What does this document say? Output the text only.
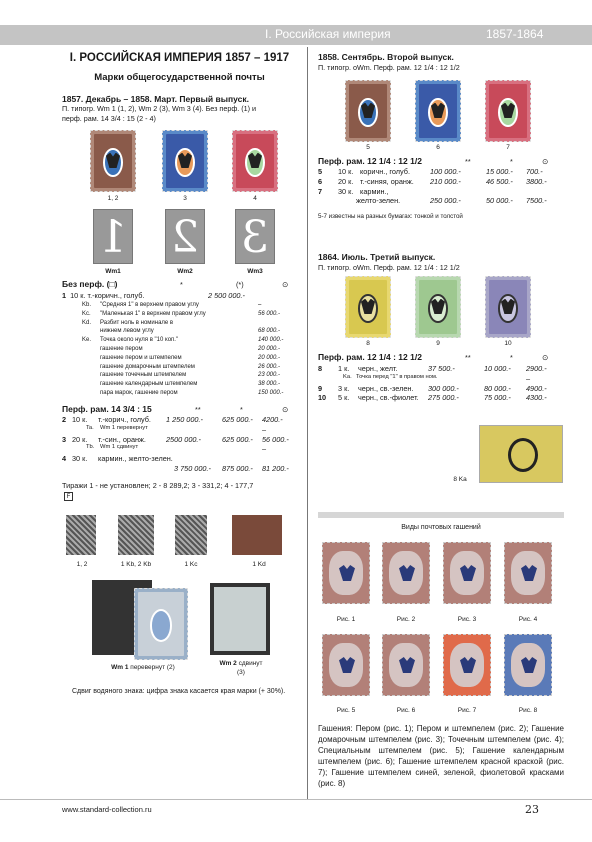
I. Российская империя	1857-1864
I. РОССИЙСКАЯ ИМПЕРИЯ 1857 – 1917
Марки общегосударственной почты
1857. Декабрь – 1858. Март. Первый выпуск.
П. типогр. Wm 1 (1, 2), Wm 2 (3), Wm 3 (4). Без перф. (1) и
перф. рам. 14 3/4 : 15 (2 - 4)
1, 2	3	4
1 2 3
Wm1	Wm2	Wm3
Без перф. (□)	*	(*)	⊙
1 10 к. т.-коричн., голуб.	2 500 000.-
Kb. "Средняя 1" в верхнем правом углу	–
Kc. "Маленькая 1" в верхнем правом углу	56 000.-
Kd. Разбит ноль в номинале в
нижнем левом углу	68 000.-
Ke. Точка около нуля в "10 коп."	140 000.-
гашение пером	20 000.-
гашение пером и штемпелем	20 000.-
гашение домарочным штемпелем	26 000.-
гашение точечным штемпелем	23 000.-
гашение календарным штемпелем	38 000.-
пара марок, гашение пером	150 000.-
Перф. рам. 14 3/4 : 15	**	*	⊙
2 10 к. т.-корич., голуб. 1 250 000.-	625 000.- 4200.-
Ta. Wm 1 перевернут	–
3 20 к. т.-син., оранж.	2500 000.-	625 000.- 56 000.-
Tb. Wm 1 сдвинут	–
4 30 к. кармин., желто-зелен.
3 750 000.- 875 000.- 81 200.-
Тиражи 1 - не установлен; 2 - 8 289,2; 3 - 331,2; 4 - 177,7
F
1, 2	1 Kb, 2 Kb	1 Kc	1 Kd
Wm 1 перевернут (2)
Wm 2 сдвинут
(3)
Сдвиг водяного знака: цифра знака касается края марки (+ 30%).
1858. Сентябрь. Второй выпуск.
П. типогр. oWm. Перф. рам. 12 1/4 : 12 1/2
5	6	7
Перф. рам. 12 1/4 : 12 1/2	**	*	⊙
5 10 к. коричн., голуб.	100 000.-	15 000.- 700.-
6 20 к. т.-синяя, оранж. 210 000.-	46 500.- 3800.-
7 30 к. кармин.,
желто-зелен.	250 000.-	50 000.- 7500.-
5-7 известны на разных бумагах: тонкой и толстой
1864. Июль. Третий выпуск.
П. типогр. oWm. Перф. рам. 12 1/4 : 12 1/2
8	9	10
Перф. рам. 12 1/4 : 12 1/2	**	*	⊙
8 1 к. черн., желт.	37 500.-	10 000.- 2900.-
Ka. Точка перед "1" в правом ном.	–
9 3 к. черн., св.-зелен. 300 000.-	80 000.- 4900.-
10 5 к. черн., св.-фиолет. 275 000.-	75 000.- 4300.-
8 Ka
Виды почтовых гашений
Рис. 1	Рис. 2	Рис. 3	Рис. 4
Рис. 5	Рис. 6	Рис. 7	Рис. 8
Гашения: Пером (рис. 1); Пером и штемпелем (рис. 2); Гашение домарочным штемпелем (рис. 3); Точечным штемпелем (рис. 4); Специальным штемпелем (рис. 5); Гашение календарным штемпелем (рис. 6); Гашение штемпелем красной краской (рис. 7); Гашение штемпелем синей, зеленой, фиолетовой красками (рис. 8)
www.standard-collection.ru	23
